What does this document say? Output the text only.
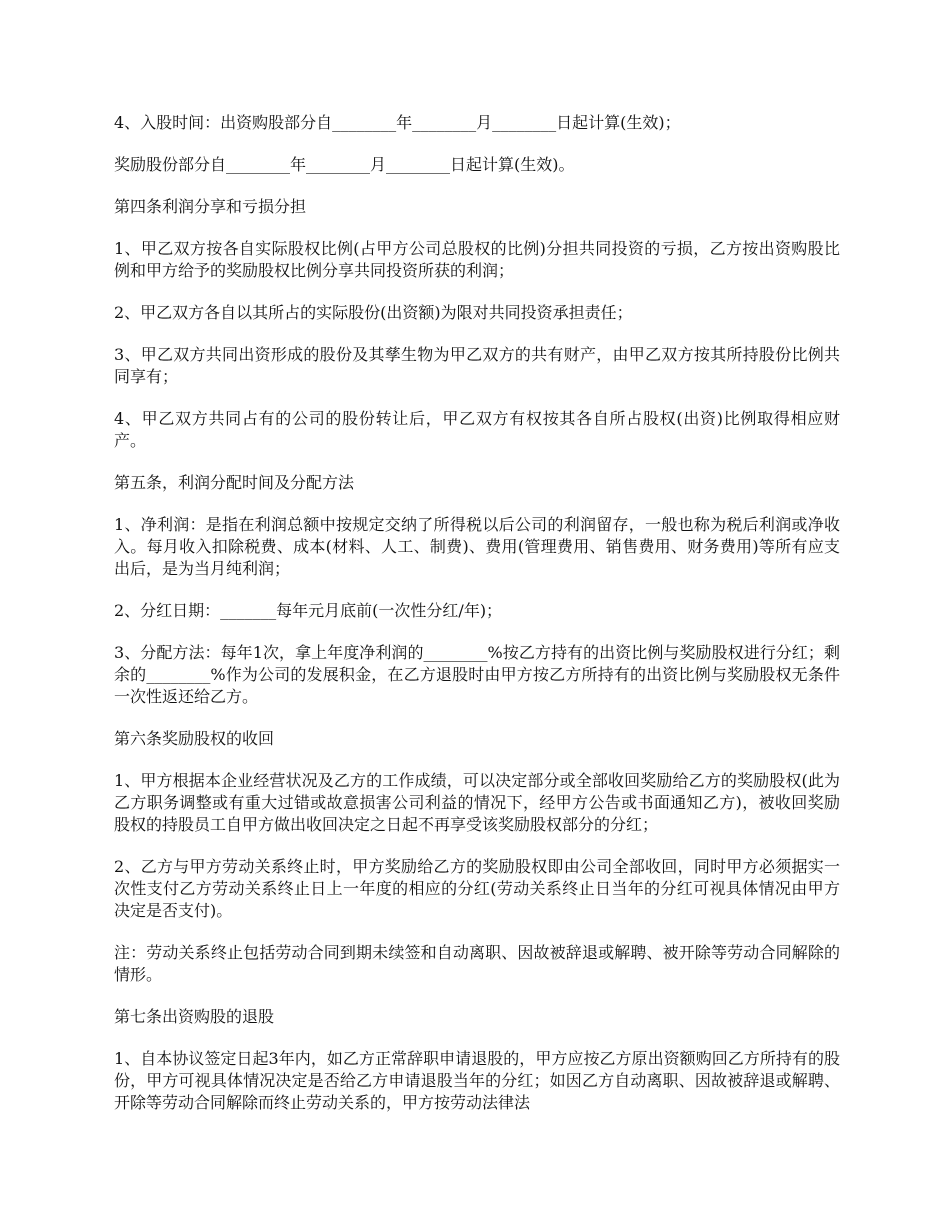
4、入股时间：出资购股部分自________年________月________日起计算(生效)；

奖励股份部分自________年________月________日起计算(生效)。

第四条利润分享和亏损分担

1、甲乙双方按各自实际股权比例(占甲方公司总股权的比例)分担共同投资的亏损，乙方按出资购股比例和甲方给予的奖励股权比例分享共同投资所获的利润；

2、甲乙双方各自以其所占的实际股份(出资额)为限对共同投资承担责任；

3、甲乙双方共同出资形成的股份及其孳生物为甲乙双方的共有财产，由甲乙双方按其所持股份比例共同享有；

4、甲乙双方共同占有的公司的股份转让后，甲乙双方有权按其各自所占股权(出资)比例取得相应财产。

第五条，利润分配时间及分配方法

1、净利润：是指在利润总额中按规定交纳了所得税以后公司的利润留存，一般也称为税后利润或净收入。每月收入扣除税费、成本(材料、人工、制费)、费用(管理费用、销售费用、财务费用)等所有应支出后，是为当月纯利润；

2、分红日期：_______每年元月底前(一次性分红/年)；

3、分配方法：每年1次，拿上年度净利润的________%按乙方持有的出资比例与奖励股权进行分红；剩余的________%作为公司的发展积金，在乙方退股时由甲方按乙方所持有的出资比例与奖励股权无条件一次性返还给乙方。

第六条奖励股权的收回

1、甲方根据本企业经营状况及乙方的工作成绩，可以决定部分或全部收回奖励给乙方的奖励股权(此为乙方职务调整或有重大过错或故意损害公司利益的情况下，经甲方公告或书面通知乙方)，被收回奖励股权的持股员工自甲方做出收回决定之日起不再享受该奖励股权部分的分红；

2、乙方与甲方劳动关系终止时，甲方奖励给乙方的奖励股权即由公司全部收回，同时甲方必须据实一次性支付乙方劳动关系终止日上一年度的相应的分红(劳动关系终止日当年的分红可视具体情况由甲方决定是否支付)。

注：劳动关系终止包括劳动合同到期未续签和自动离职、因故被辞退或解聘、被开除等劳动合同解除的情形。

第七条出资购股的退股

1、自本协议签定日起3年内，如乙方正常辞职申请退股的，甲方应按乙方原出资额购回乙方所持有的股份，甲方可视具体情况决定是否给乙方申请退股当年的分红；如因乙方自动离职、因故被辞退或解聘、开除等劳动合同解除而终止劳动关系的，甲方按劳动法律法
